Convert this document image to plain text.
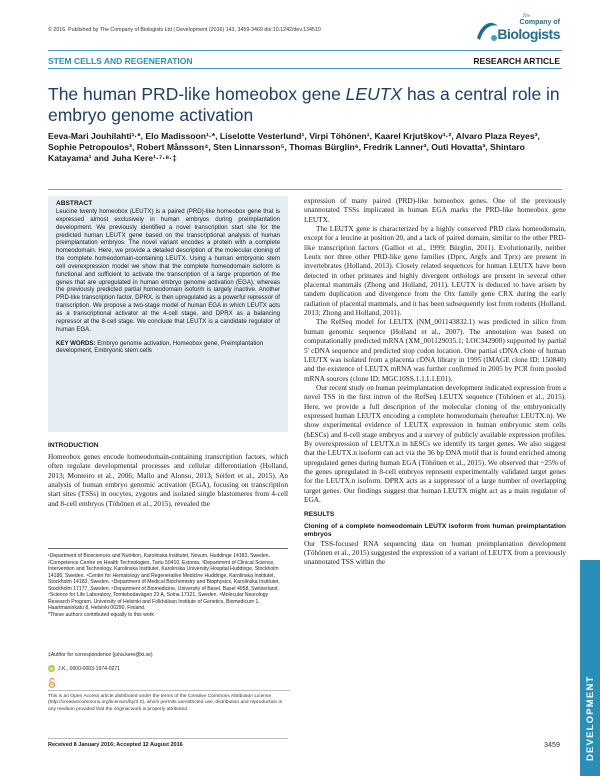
© 2016. Published by The Company of Biologists Ltd | Development (2016) 143, 3459-3469 doi:10.1242/dev.134510
The
Company of
Biologists
STEM CELLS AND REGENERATION	RESEARCH ARTICLE
The human PRD-like homeobox gene LEUTX has a central role in embryo genome activation
Eeva-Mari Jouhilahti¹·*, Elo Madissoon¹·*, Liselotte Vesterlund¹, Virpi Töhönen¹, Kaarel Krjutškov¹·², Alvaro Plaza Reyes³, Sophie Petropoulos³, Robert Månsson⁴, Sten Linnarsson⁵, Thomas Bürglin⁶, Fredrik Lanner³, Outi Hovatta³, Shintaro Katayama¹ and Juha Kere¹·⁷·⁸·‡
ABSTRACT

Leucine twenty homeobox (LEUTX) is a paired (PRD)-like homeobox gene that is expressed almost exclusively in human embryos during preimplantation development. We previously identified a novel transcription start site for the predicted human LEUTX gene based on the transcriptional analysis of human preimplantation embryos. The novel variant encodes a protein with a complete homeodomain. Here, we provide a detailed description of the molecular cloning of the complete homeodomain-containing LEUTX. Using a human embryonic stem cell overexpression model we show that the complete homeodomain isoform is functional and sufficient to activate the transcription of a large proportion of the genes that are upregulated in human embryo genome activation (EGA), whereas the previously predicted partial homeodomain isoform is largely inactive. Another PRD-like transcription factor, DPRX, is then upregulated as a powerful repressor of transcription. We propose a two-stage model of human EGA in which LEUTX acts as a transcriptional activator at the 4-cell stage, and DPRX as a balancing repressor at the 8-cell stage. We conclude that LEUTX is a candidate regulator of human EGA.

KEY WORDS: Embryo genome activation, Homeobox gene, Preimplantation development, Embryonic stem cells
INTRODUCTION
Homeobox genes encode homeodomain-containing transcription factors, which often regulate developmental processes and cellular differentiation (Holland, 2013; Monteiro et al., 2006; Mallo and Alonso, 2013; Seifert et al., 2015). An analysis of human embryo genomic activation (EGA), focusing on transcription start sites (TSSs) in oocytes, zygotes and isolated single blastomeres from 4-cell and 8-cell embryos (Töhönen et al., 2015), revealed the
¹Department of Biosciences and Nutrition, Karolinska Institutet, Novum, Huddinge 14183, Sweden. ²Competence Centre on Health Technologies, Tartu 50410, Estonia. ³Department of Clinical Science, Intervention and Technology, Karolinska Institutet, Karolinska University Hospital Huddinge, Stockholm 14186, Sweden. ⁴Center for Hematology and Regenerative Medicine Huddinge, Karolinska Institutet, Stockholm 14183, Sweden. ⁵Department of Medical Biochemistry and Biophysics, Karolinska Institutet, Stockholm 17177, Sweden. ⁶Department of Biomedicine, University of Basel, Basel 4058, Switzerland. ⁷Science for Life Laboratory, Tomtebodavägen 23 A, Solna 17121, Sweden. ⁸Molecular Neurology Research Program, University of Helsinki and Folkhälsan Institute of Genetics, Biomedicum 1, Haartmaninkatu 8, Helsinki 00290, Finland.
*These authors contributed equally to this work
‡Author for correspondence (juha.kere@ki.se)
iD J.K., 0000-0003-1974-0271
This is an Open Access article distributed under the terms of the Creative Commons Attribution License (http://creativecommons.org/licenses/by/3.0), which permits unrestricted use, distribution and reproduction in any medium provided that the original work is properly attributed.
Received 8 January 2016; Accepted 12 August 2016

expression of many paired (PRD)-like homeobox genes. One of the previously unannotated TSSs implicated in human EGA marks the PRD-like homeobox gene LEUTX.

The LEUTX gene is characterized by a highly conserved PRD class homeodomain, except for a leucine at position 20, and a lack of paired domain, similar to the other PRD-like transcription factors (Galliot et al., 1999; Bürglin, 2011). Evolutionarily, neither Leutx nor three other PRD-like gene families (Dprx, Argfx and Tprx) are present in invertebrates (Holland, 2013). Closely related sequences for human LEUTX have been detected in other primates and highly divergent orthologs are present in several other placental mammals (Zhong and Holland, 2011). LEUTX is deduced to have arisen by tandem duplication and divergence from the Otx family gene CRX during the early radiation of placental mammals, and it has been subsequently lost from rodents (Holland, 2013; Zhong and Holland, 2011).

The RefSeq model for LEUTX (NM_001143832.1) was predicted in silico from human genomic sequence (Holland et al., 2007). The annotation was based on computationally predicted mRNA (XM_001129035.1; LOC342900) supported by partial 5' cDNA sequence and predicted stop codon location. One partial cDNA clone of human LEUTX was isolated from a placenta cDNA library in 1995 (IMAGE clone ID: 150840) and the existence of LEUTX mRNA was further confirmed in 2005 by PCR from pooled mRNA sources (clone ID: MGC10SS.1.1.L1.E01).

Our recent study on human preimplantation development indicated expression from a novel TSS in the first intron of the RefSeq LEUTX sequence (Töhönen et al., 2015). Here, we provide a full description of the molecular cloning of the embryonically expressed human LEUTX encoding a complete homeodomain (hereafter LEUTX.n). We show experimental evidence of LEUTX expression in human embryonic stem cells (hESCs) and 8-cell stage embryos and a survey of publicly available expression profiles. By overexpression of LEUTX.n in hESCs we identify its target genes. We also suggest that the LEUTX.n isoform can act via the 36 bp DNA motif that is found enriched among upregulated genes during human EGA (Töhönen et al., 2015). We observed that ~25% of the genes upregulated in 8-cell embryos represent experimentally validated target genes for the LEUTX.n isoform. DPRX acts as a suppressor of a large number of overlapping target genes. Our findings suggest that human LEUTX might act as a main regulator of EGA.

RESULTS
Cloning of a complete homeodomain LEUTX isoform from human preimplantation embryos

Our TSS-focused RNA sequencing data on human preimplantation development (Töhönen et al., 2015) suggested the expression of a variant of LEUTX from a previously unannotated TSS within the

DEVELOPMENT
3459
